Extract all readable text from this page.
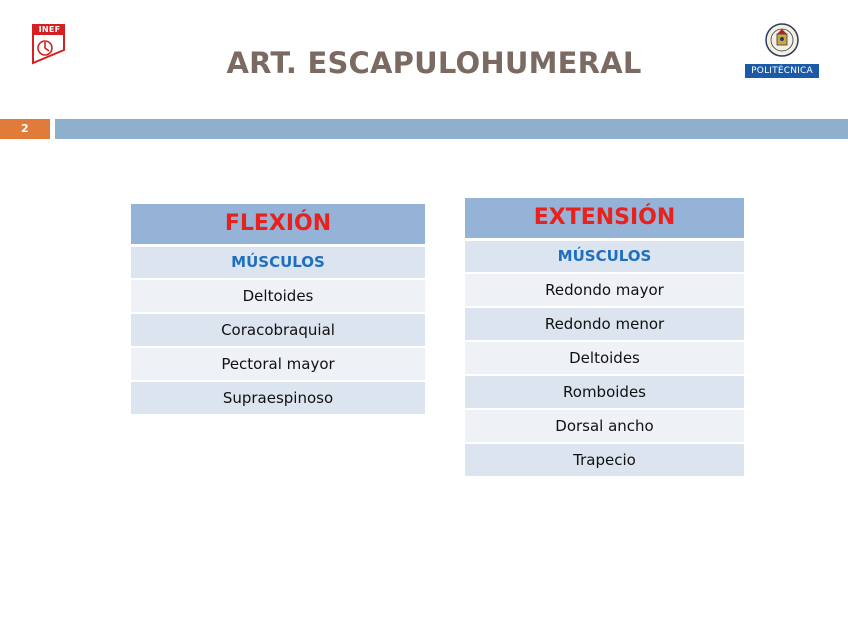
INEF
ART. ESCAPULOHUMERAL	POLITÉCNICA
2
FLEXIÓN
MÚSCULOS
Deltoides
Coracobraquial
Pectoral mayor
Supraespinoso
EXTENSIÓN
MÚSCULOS
Redondo mayor
Redondo menor
Deltoides
Romboides
Dorsal ancho
Trapecio
